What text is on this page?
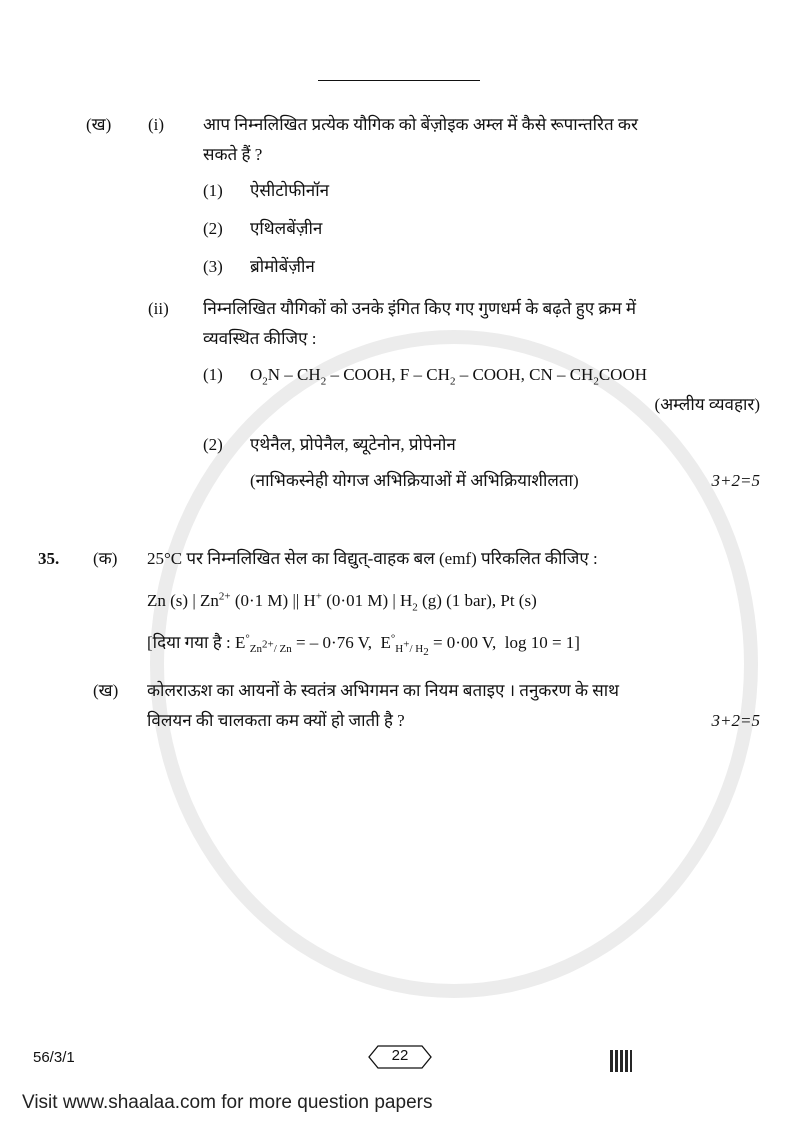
(ख)	(i)	आप निम्नलिखित प्रत्येक यौगिक को बेंज़ोइक अम्ल में कैसे रूपान्तरित कर
सकते हैं ?
(1)	ऐसीटोफीनॉन
(2)	एथिलबेंज़ीन
(3)	ब्रोमोबेंज़ीन
(ii)	निम्नलिखित यौगिकों को उनके इंगित किए गए गुणधर्म के बढ़ते हुए क्रम में
व्यवस्थित कीजिए :
(1)	$O_2N - CH_2$ – COOH, F – $CH_2$ – COOH, CN – $CH_2COOH$
(अम्लीय व्यवहार)
(2)	एथेनैल, प्रोपेनैल, ब्यूटेनोन, प्रोपेनोन
(नाभिकस्नेही योगज अभिक्रियाओं में अभिक्रियाशीलता)	3+2=5
35.	(क)	25°C पर निम्नलिखित सेल का विद्युत्-वाहक बल (emf) परिकलित कीजिए :
Zn (s) | $Zn^{2+}$ (0·1 M) || H+ (0·01 M) | $H_2$ (g) (1 bar), Pt (s)
[दिया गया है : $E^\circ_{Zn^{2+}/ Zn}$ = – 0·76 V,  $E^\circ_{H^+/ H_2} = 0\cdot 00$ V,  log 10 = 1]
(ख)	कोलराऊश का आयनों के स्वतंत्र अभिगमन का नियम बताइए । तनुकरण के साथ
विलयन की चालकता कम क्यों हो जाती है ?	3+2=5
56/3/1	22
Visit www.shaalaa.com for more question papers
